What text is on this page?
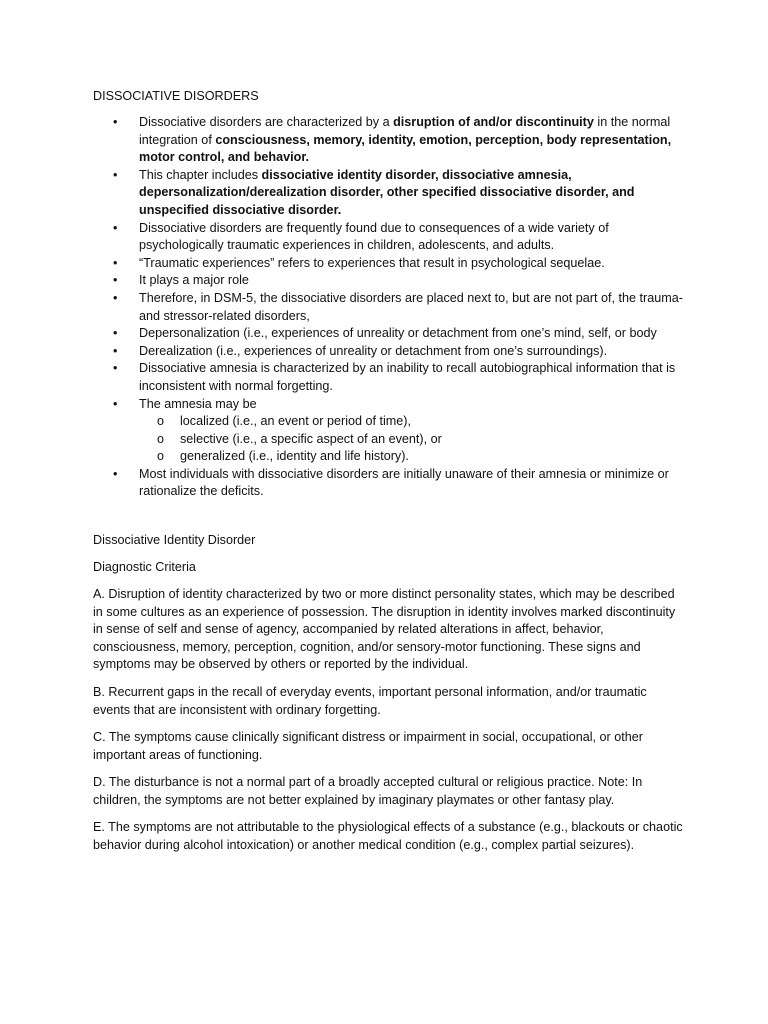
DISSOCIATIVE DISORDERS

• Dissociative disorders are characterized by a disruption of and/or discontinuity in the normal integration of consciousness, memory, identity, emotion, perception, body representation, motor control, and behavior.
• This chapter includes dissociative identity disorder, dissociative amnesia, depersonalization/derealization disorder, other specified dissociative disorder, and unspecified dissociative disorder.
• Dissociative disorders are frequently found due to consequences of a wide variety of psychologically traumatic experiences in children, adolescents, and adults.
• “Traumatic experiences” refers to experiences that result in psychological sequelae.
• It plays a major role
• Therefore, in DSM-5, the dissociative disorders are placed next to, but are not part of, the trauma- and stressor-related disorders,
• Depersonalization (i.e., experiences of unreality or detachment from one’s mind, self, or body
• Derealization (i.e., experiences of unreality or detachment from one’s surroundings).
• Dissociative amnesia is characterized by an inability to recall autobiographical information that is inconsistent with normal forgetting.
• The amnesia may be
o localized (i.e., an event or period of time),
o selective (i.e., a specific aspect of an event), or
o generalized (i.e., identity and life history).
• Most individuals with dissociative disorders are initially unaware of their amnesia or minimize or rationalize the deficits.

Dissociative Identity Disorder

Diagnostic Criteria

A. Disruption of identity characterized by two or more distinct personality states, which may be described in some cultures as an experience of possession. The disruption in identity involves marked discontinuity in sense of self and sense of agency, accompanied by related alterations in affect, behavior, consciousness, memory, perception, cognition, and/or sensory-motor functioning. These signs and symptoms may be observed by others or reported by the individual.

B. Recurrent gaps in the recall of everyday events, important personal information, and/or traumatic events that are inconsistent with ordinary forgetting.

C. The symptoms cause clinically significant distress or impairment in social, occupational, or other important areas of functioning.

D. The disturbance is not a normal part of a broadly accepted cultural or religious practice. Note: In children, the symptoms are not better explained by imaginary playmates or other fantasy play.

E. The symptoms are not attributable to the physiological effects of a substance (e.g., blackouts or chaotic behavior during alcohol intoxication) or another medical condition (e.g., complex partial seizures).
